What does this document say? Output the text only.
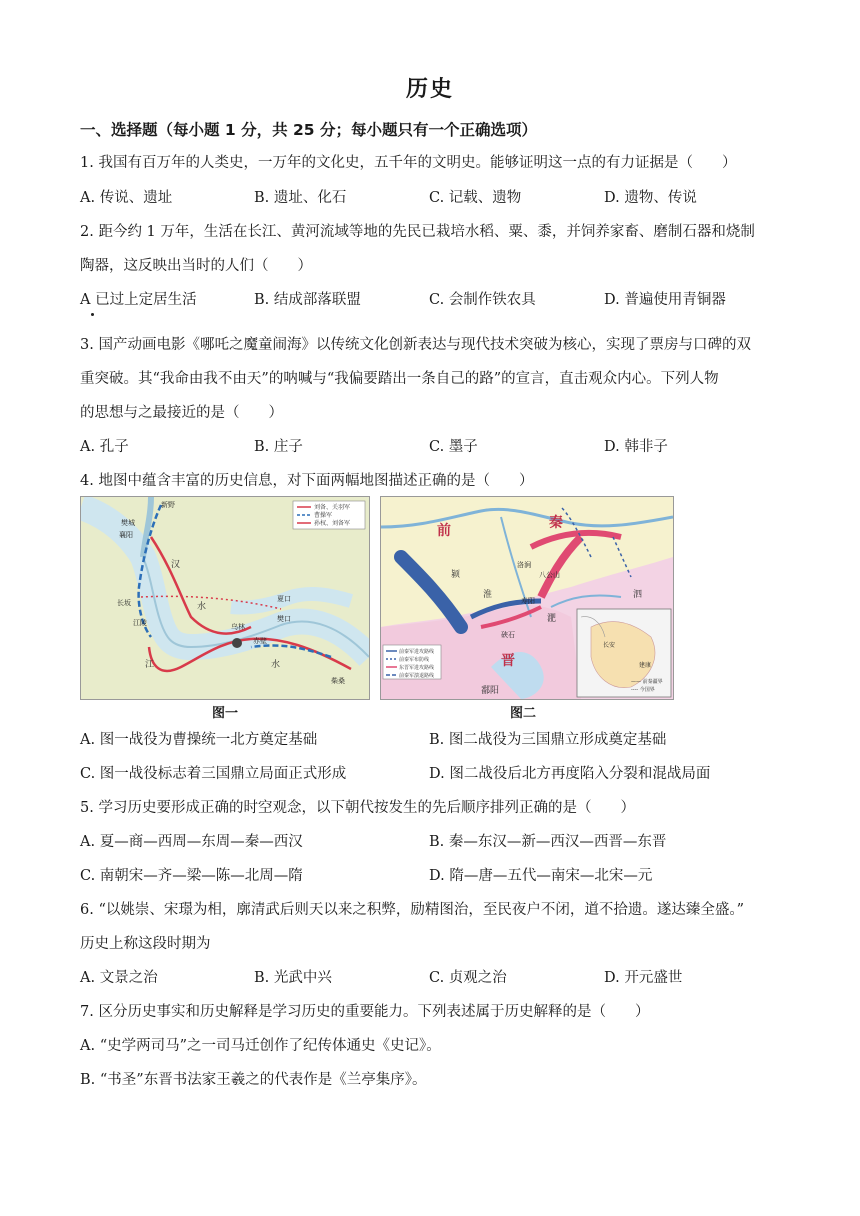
历史
一、选择题（每小题 1 分，共 25 分；每小题只有一个正确选项）
1. 我国有百万年的人类史，一万年的文化史，五千年的文明史。能够证明这一点的有力证据是（　　）
A. 传说、遗址	B. 遗址、化石	C. 记载、遗物	D. 遗物、传说
2. 距今约 1 万年，生活在长江、黄河流域等地的先民已栽培水稻、粟、黍，并饲养家畜、磨制石器和烧制
陶器，这反映出当时的人们（　　）
A 已过上定居生活	B. 结成部落联盟	C. 会制作铁农具	D. 普遍使用青铜器
3. 国产动画电影《哪吒之魔童闹海》以传统文化创新表达与现代技术突破为核心，实现了票房与口碑的双
重突破。其“我命由我不由天”的呐喊与“我偏要踏出一条自己的路”的宣言，直击观众内心。下列人物
的思想与之最接近的是（　　）
A. 孔子	B. 庄子	C. 墨子	D. 韩非子
4. 地图中蕴含丰富的历史信息，对下面两幅地图描述正确的是（　　）
刘备、关羽军
曹操军
孙权、刘备军
新野
樊城
襄阳
汉
长坂
江陵
夏口
樊口
赤壁
乌林
柴桑
江	水
水
图一
前	秦
晋
八公山
寿阳
洛涧
淮
淝
颍
硖石
泗
鄱阳
前秦军进攻路线
前秦军布防线
东晋军进攻路线
前秦军溃退路线
长安
建康
—— 前秦疆界
---- 今国界
图二
A. 图一战役为曹操统一北方奠定基础	B. 图二战役为三国鼎立形成奠定基础
C. 图一战役标志着三国鼎立局面正式形成	D. 图二战役后北方再度陷入分裂和混战局面
5. 学习历史要形成正确的时空观念，以下朝代按发生的先后顺序排列正确的是（　　）
A. 夏—商—西周—东周—秦—西汉	B. 秦—东汉—新—西汉—西晋—东晋
C. 南朝宋—齐—梁—陈—北周—隋	D. 隋—唐—五代—南宋—北宋—元
6. “以姚崇、宋璟为相，廓清武后则天以来之积弊，励精图治，至民夜户不闭，道不拾遗。遂达臻全盛。”
历史上称这段时期为
A. 文景之治	B. 光武中兴	C. 贞观之治	D. 开元盛世
7. 区分历史事实和历史解释是学习历史的重要能力。下列表述属于历史解释的是（　　）
A. “史学两司马”之一司马迁创作了纪传体通史《史记》。
B. “书圣”东晋书法家王羲之的代表作是《兰亭集序》。
